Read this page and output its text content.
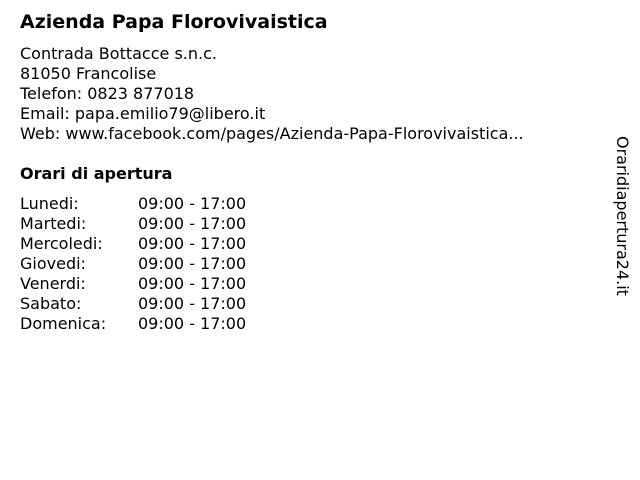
Azienda Papa Florovivaistica
Contrada Bottacce s.n.c.
81050 Francolise
Telefon: 0823 877018
Email: papa.emilio79@libero.it
Web: www.facebook.com/pages/Azienda-Papa-Florovivaistica...
Orari di apertura
Lunedi:	09:00 - 17:00
Martedi:	09:00 - 17:00
Mercoledi: 09:00 - 17:00
Giovedi:	09:00 - 17:00
Venerdi:	09:00 - 17:00
Sabato:	09:00 - 17:00
Domenica: 09:00 - 17:00
Oraridiapertura24.it
